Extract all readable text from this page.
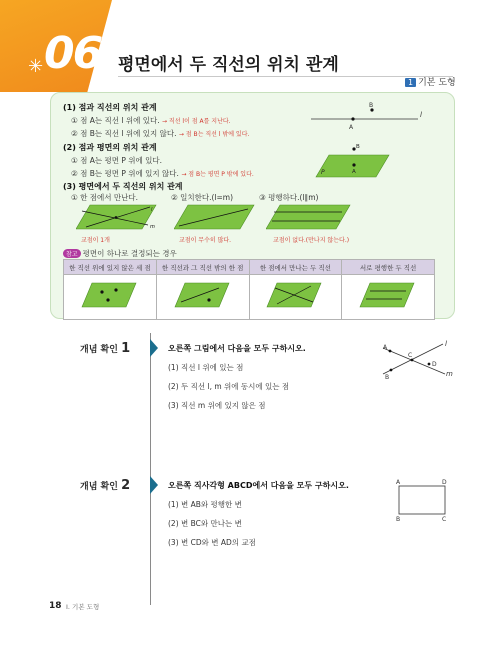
✳ 06 평면에서 두 직선의 위치 관계
1 기본 도형
(1) 점과 직선의 위치 관계
① 점 A는 직선 l 위에 있다. → 직선 l이 점 A를 지난다.
② 점 B는 직선 l 위에 있지 않다. → 점 B는 직선 l 밖에 있다.
A
B
l
(2) 점과 평면의 위치 관계
① 점 A는 평면 P 위에 있다.
② 점 B는 평면 P 위에 있지 않다. → 점 B는 평면 P 밖에 있다.	A
B
P
(3) 평면에서 두 직선의 위치 관계
① 한 점에서 만난다.	② 일치한다.(l=m)	③ 평행하다.(l∥m)
l
m
교점이 1개	교점이 무수히 많다.	교점이 없다.(만나지 않는다.)
참고 평면이 하나로 결정되는 경우
한 직선 위에 있지 않은 세 점	한 직선과 그 직선 밖의 한 점	한 점에서 만나는 두 직선	서로 평행한 두 직선

개념 확인 1	오른쪽 그림에서 다음을 모두 구하시오.
(1) 직선 l 위에 있는 점
(2) 두 직선 l, m 위에 동시에 있는 점
(3) 직선 m 위에 있지 않은 점
A
C
B
D
l
m
개념 확인 2	오른쪽 직사각형 ABCD에서 다음을 모두 구하시오.
(1) 변 AB와 평행한 변
(2) 변 BC와 만나는 변
(3) 변 CD와 변 AD의 교점
A	D
B	C
18 I. 기본 도형
